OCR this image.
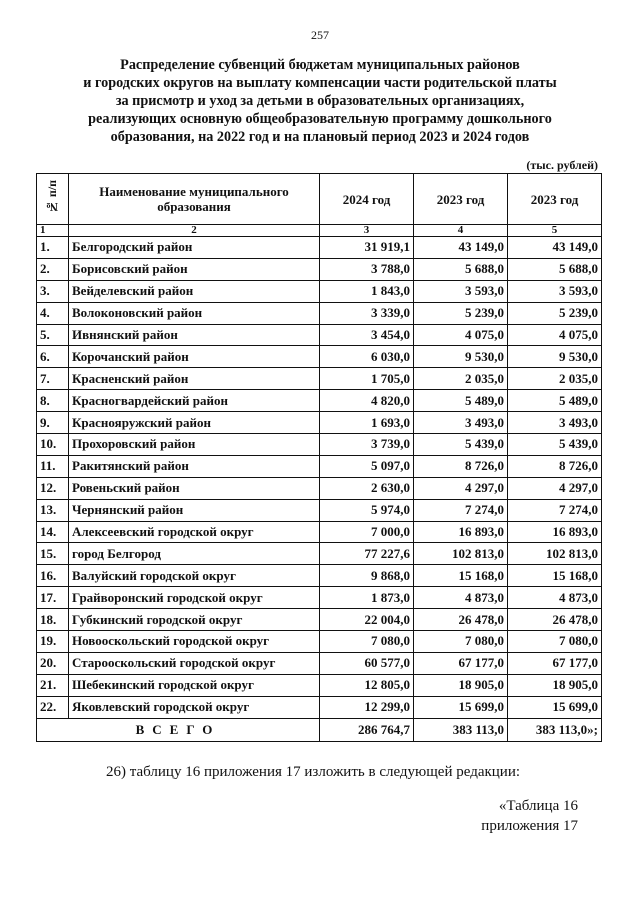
257
Распределение субвенций бюджетам муниципальных районов
и городских округов на выплату компенсации части родительской платы
за присмотр и уход за детьми в образовательных организациях,
реализующих основную общеобразовательную программу дошкольного
образования, на 2022 год и на плановый период 2023 и 2024 годов
(тыс. рублей)
№ п/п	Наименование муниципального образования	2024 год	2023 год	2023 год
1	2	3	4	5
1.	Белгородский район	31 919,1	43 149,0	43 149,0
2.	Борисовский район	3 788,0	5 688,0	5 688,0
3.	Вейделевский район	1 843,0	3 593,0	3 593,0
4.	Волоконовский район	3 339,0	5 239,0	5 239,0
5.	Ивнянский район	3 454,0	4 075,0	4 075,0
6.	Корочанский район	6 030,0	9 530,0	9 530,0
7.	Красненский район	1 705,0	2 035,0	2 035,0
8.	Красногвардейский район	4 820,0	5 489,0	5 489,0
9.	Краснояружский район	1 693,0	3 493,0	3 493,0
10.	Прохоровский район	3 739,0	5 439,0	5 439,0
11.	Ракитянский район	5 097,0	8 726,0	8 726,0
12.	Ровеньский район	2 630,0	4 297,0	4 297,0
13.	Чернянский район	5 974,0	7 274,0	7 274,0
14.	Алексеевский городской округ	7 000,0	16 893,0	16 893,0
15.	город Белгород	77 227,6	102 813,0	102 813,0
16.	Валуйский городской округ	9 868,0	15 168,0	15 168,0
17.	Грайворонский городской округ	1 873,0	4 873,0	4 873,0
18.	Губкинский городской округ	22 004,0	26 478,0	26 478,0
19.	Новооскольский городской округ	7 080,0	7 080,0	7 080,0
20.	Старооскольский городской округ	60 577,0	67 177,0	67 177,0
21.	Шебекинский городской округ	12 805,0	18 905,0	18 905,0
22.	Яковлевский городской округ	12 299,0	15 699,0	15 699,0
ВСЕГО		286 764,7	383 113,0	383 113,0»;
26) таблицу 16 приложения 17 изложить в следующей редакции:
«Таблица 16
приложения 17
